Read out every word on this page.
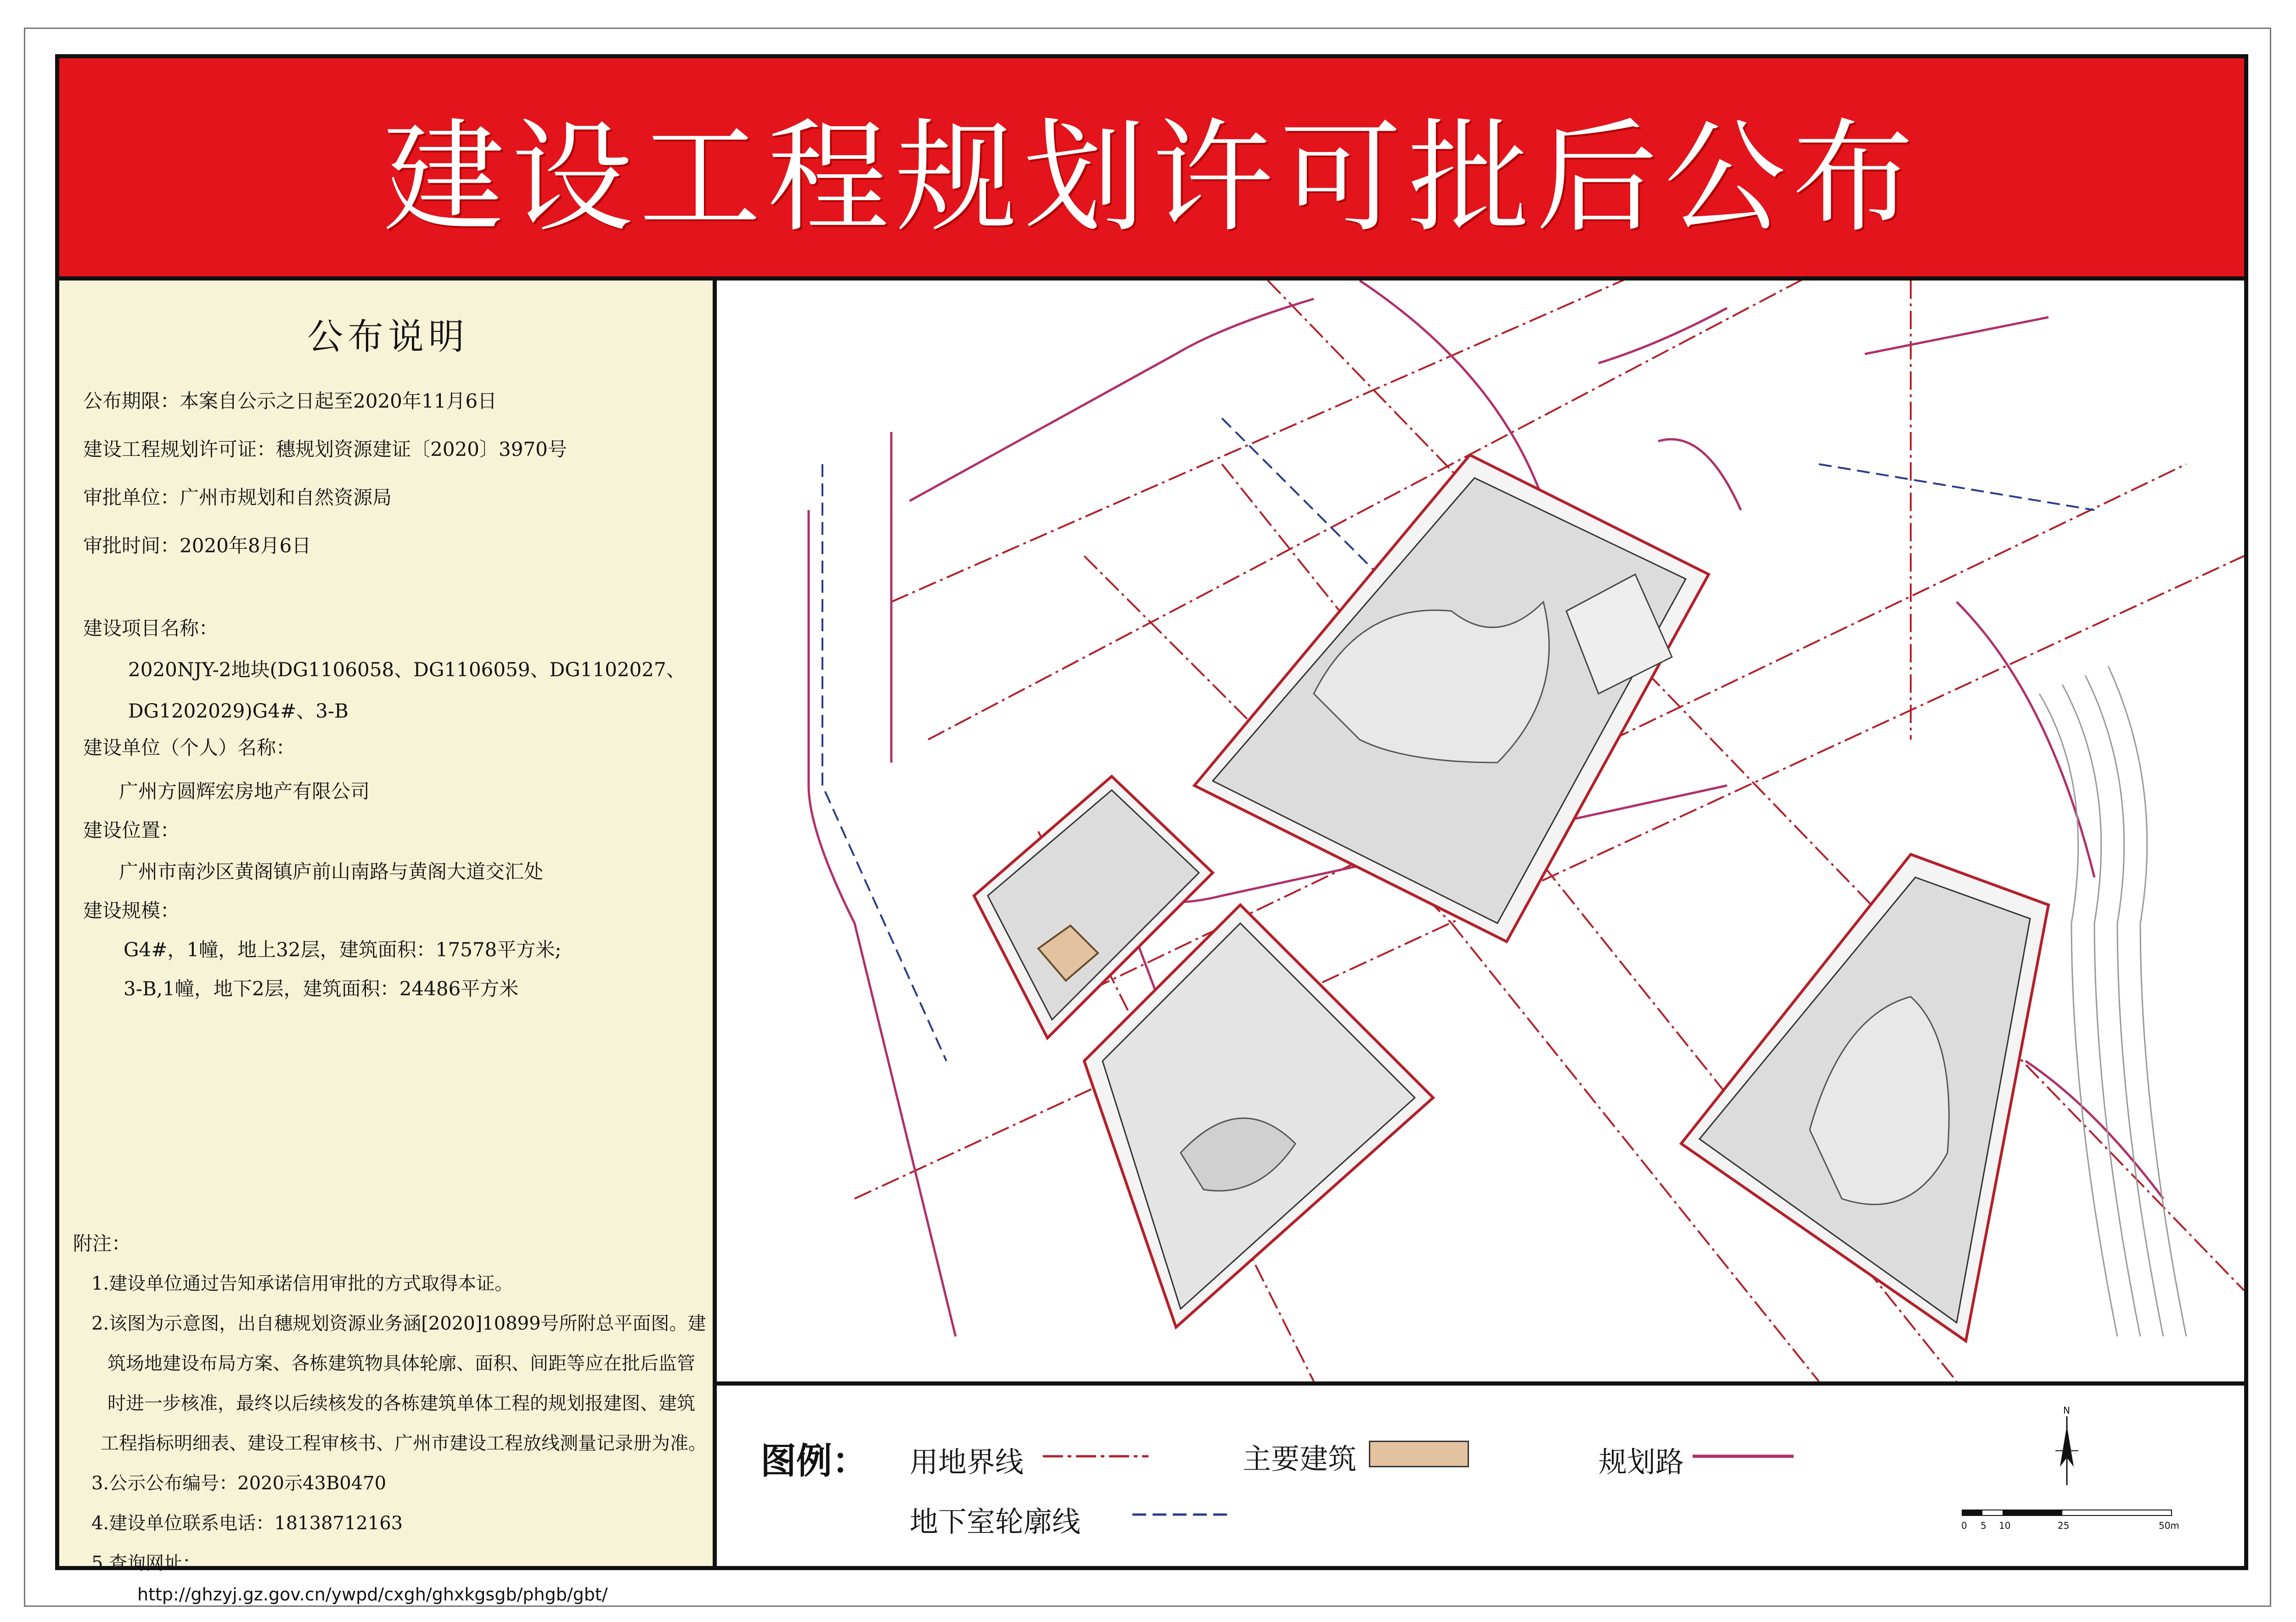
建设工程规划许可批后公布
公布说明
公布期限：本案自公示之日起至2020年11月6日
建设工程规划许可证：穗规划资源建证〔2020〕3970号
审批单位：广州市规划和自然资源局
审批时间：2020年8月6日
建设项目名称：
2020NJY-2地块(DG1106058、DG1106059、DG1102027、
DG1202029)G4#、3-B
建设单位（个人）名称：
广州方圆辉宏房地产有限公司
建设位置：
广州市南沙区黄阁镇庐前山南路与黄阁大道交汇处
建设规模：
G4#，1幢，地上32层，建筑面积：17578平方米;
3-B,1幢，地下2层，建筑面积：24486平方米
附注：
1.建设单位通过告知承诺信用审批的方式取得本证。
2.该图为示意图，出自穗规划资源业务涵[2020]10899号所附总平面图。建
筑场地建设布局方案、各栋建筑物具体轮廓、面积、间距等应在批后监管
时进一步核准，最终以后续核发的各栋建筑单体工程的规划报建图、建筑
工程指标明细表、建设工程审核书、广州市建设工程放线测量记录册为准。
3.公示公布编号：2020示43B0470
4.建设单位联系电话：18138712163
5.查询网址：
http://ghzyj.gz.gov.cn/ywpd/cxgh/ghxkgsgb/phgb/gbt/
图例： 用地界线	主要建筑	规划路
地下室轮廓线
N
0 5 10	25	50m
